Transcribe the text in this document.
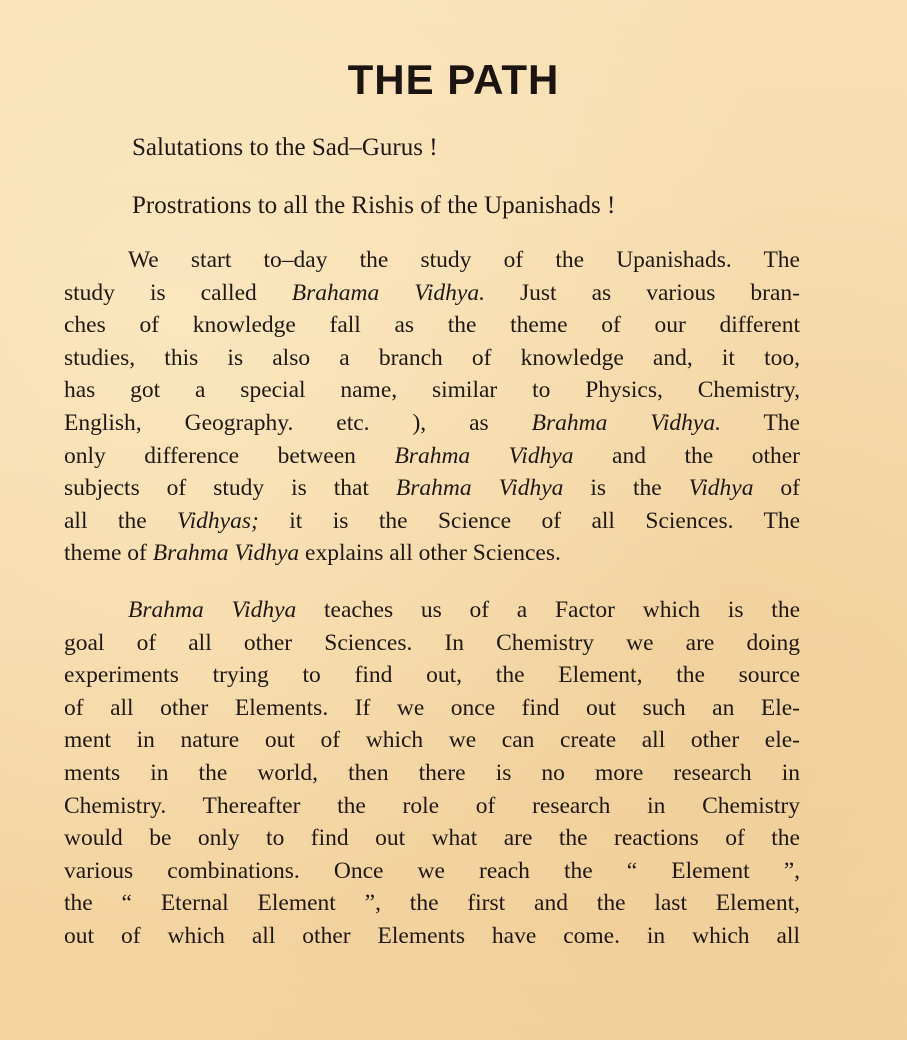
THE PATH

Salutations to the Sad–Gurus !

Prostrations to all the Rishis of the Upanishads !

We start to–day the study of the Upanishads. The
study is called Brahama Vidhya. Just as various bran-
ches of knowledge fall as the theme of our different
studies, this is also a branch of knowledge and, it too,
has got a special name, similar to Physics, Chemistry,
English, Geography. etc. ), as Brahma Vidhya. The
only difference between Brahma Vidhya and the other
subjects of study is that Brahma Vidhya is the Vidhya of
all the Vidhyas; it is the Science of all Sciences. The
theme of Brahma Vidhya explains all other Sciences.
Brahma Vidhya teaches us of a Factor which is the
goal of all other Sciences. In Chemistry we are doing
experiments trying to find out, the Element, the source
of all other Elements. If we once find out such an Ele-
ment in nature out of which we can create all other ele-
ments in the world, then there is no more research in
Chemistry. Thereafter the role of research in Chemistry
would be only to find out what are the reactions of the
various combinations. Once we reach the “ Element ”,
the “ Eternal Element ”, the first and the last Element,
out of which all other Elements have come. in which all
